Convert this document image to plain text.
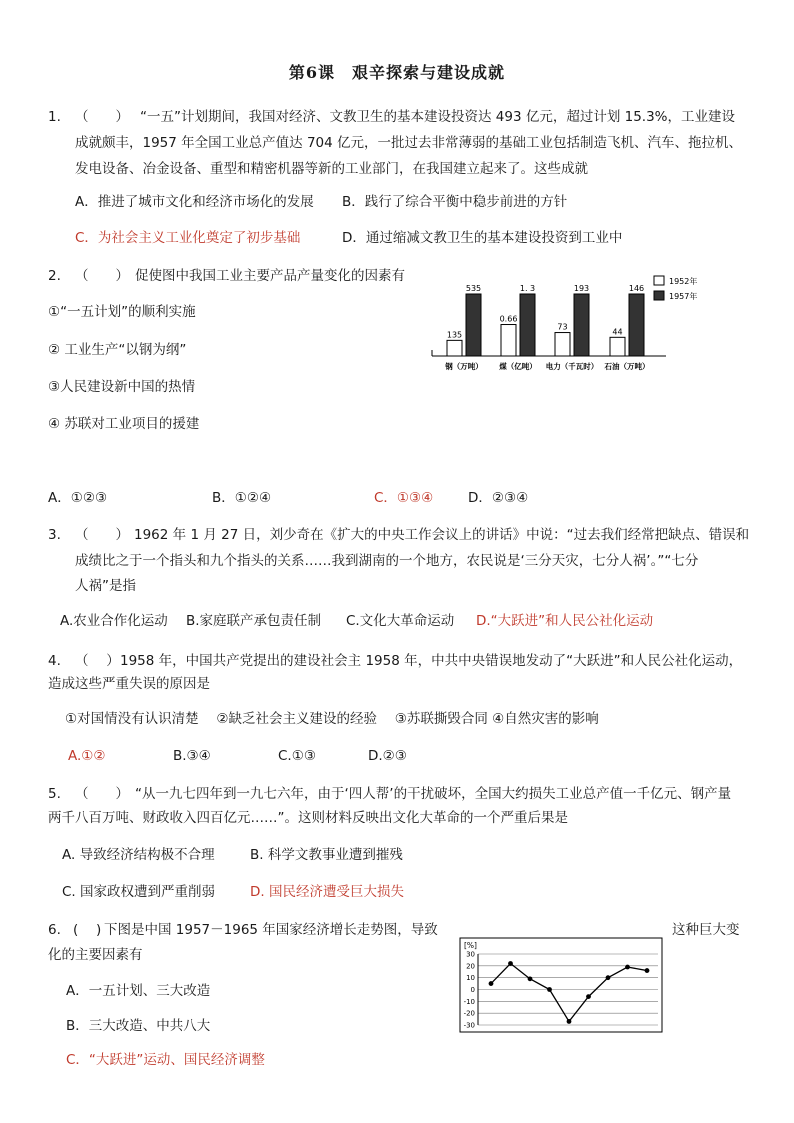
第6课　艰辛探索与建设成就
1. （　　） “一五”计划期间，我国对经济、文教卫生的基本建设投资达 493 亿元，超过计划 15.3%，工业建设
成就颇丰，1957 年全国工业总产值达 704 亿元，一批过去非常薄弱的基础工业包括制造飞机、汽车、拖拉机、
发电设备、冶金设备、重型和精密机器等新的工业部门，在我国建立起来了。这些成就
A．推进了城市文化和经济市场化的发展 B．践行了综合平衡中稳步前进的方针
C．为社会主义工业化奠定了初步基础	D．通过缩减文教卫生的基本建设投资到工业中
2. （　　） 促使图中我国工业主要产品产量变化的因素有
①“一五计划”的顺利实施
② 工业生产“以钢为纲”
③人民建设新中国的热情
④ 苏联对工业项目的援建
A．①②③	B．①②④	C．①③④	D．②③④
135
535
0.66
1. 3
73
193
44
146
1952年
1957年
钢（万吨） 煤（亿吨） 电力（千瓦时） 石油（万吨）
3. （　　） 1962 年 1 月 27 日，刘少奇在《扩大的中央工作会议上的讲话》中说：“过去我们经常把缺点、错误和
成绩比之于一个指头和九个指头的关系……我到湖南的一个地方，农民说是‘三分天灾，七分人祸’。”“七分
人祸”是指
A.农业合作化运动 B.家庭联产承包责任制 C.文化大革命运动 D.“大跃进”和人民公社化运动
4. （　 ） 1958 年，中国共产党提出的建设社会主 1958 年，中共中央错误地发动了“大跃进”和人民公社化运动，
造成这些严重失误的原因是
①对国情没有认识清楚　 ②缺乏社会主义建设的经验　 ③苏联撕毁合同 ④自然灾害的影响
A.①②	B.③④	C.①③	D.②③
5. （　　） “从一九七四年到一九七六年，由于‘四人帮’的干扰破坏，全国大约损失工业总产值一千亿元、钢产量
两千八百万吨、财政收入四百亿元……”。这则材料反映出文化大革命的一个严重后果是
A. 导致经济结构极不合理	B. 科学文教事业遭到摧残
C. 国家政权遭到严重削弱	D. 国民经济遭受巨大损失
6. (　 ) 下图是中国 1957－1965 年国家经济增长走势图，导致	这种巨大变
化的主要因素有
A．一五计划、三大改造
B．三大改造、中共八大
C．“大跃进”运动、国民经济调整
[%]
30
20
10
0
-10
-20
-30
